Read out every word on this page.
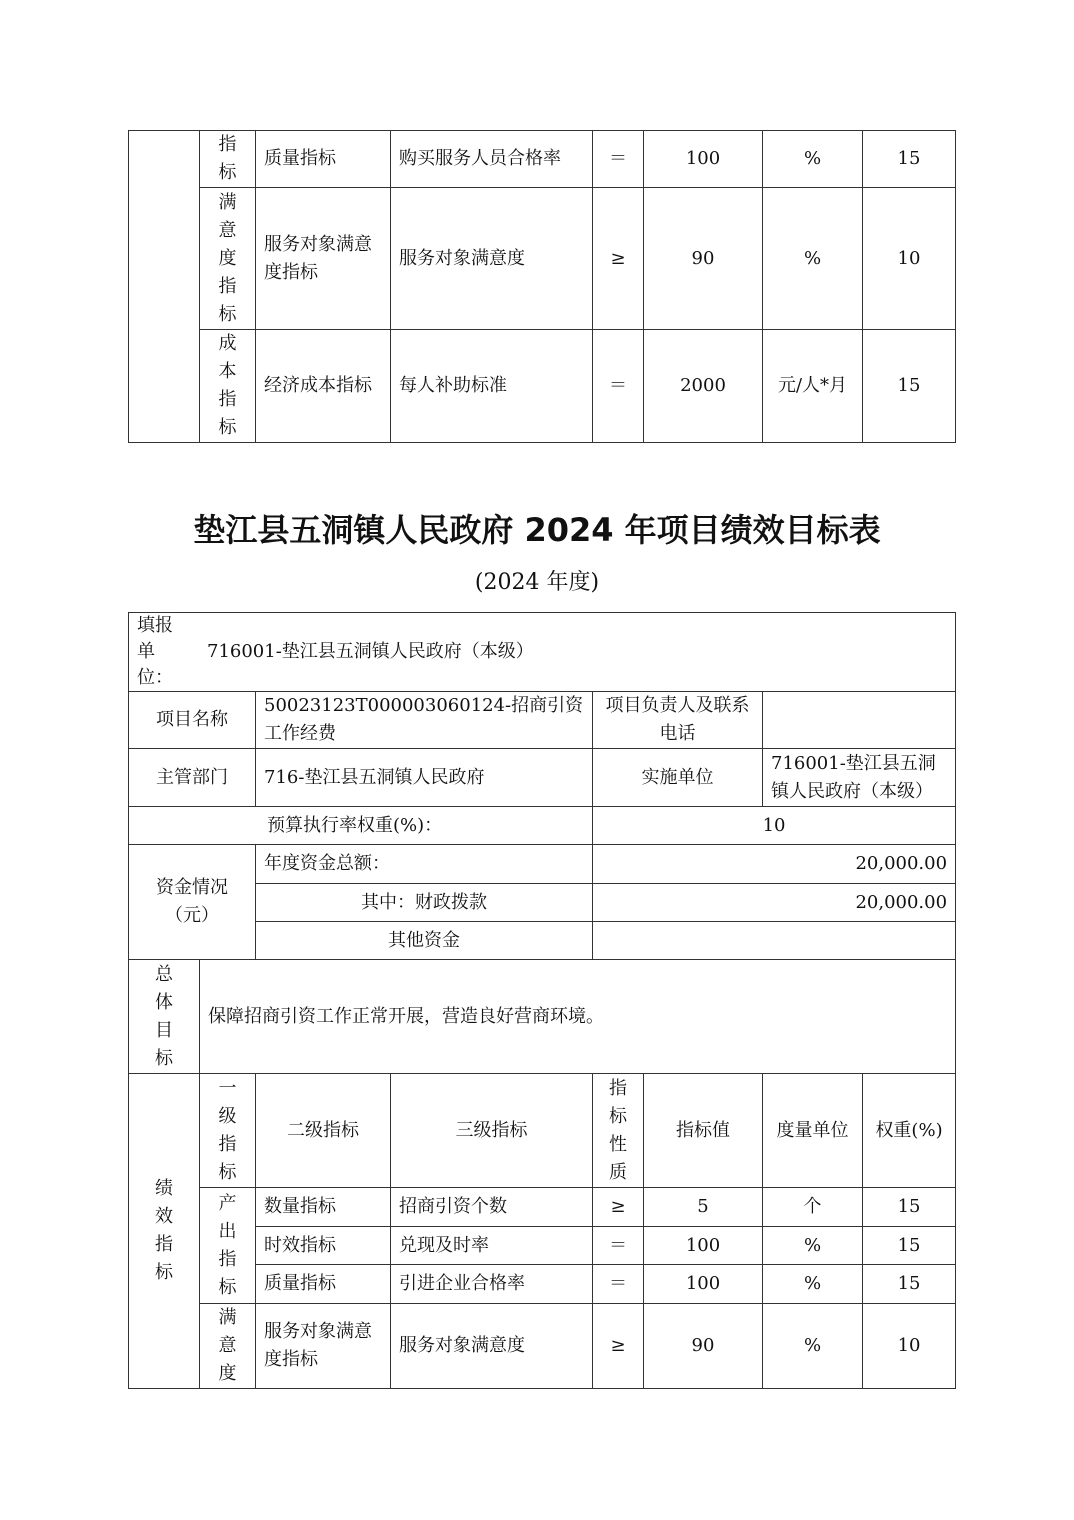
	指标	质量指标	购买服务人员合格率	＝	100	%	15

	满意度指标	服务对象满意度指标	服务对象满意度	≥	90	%	10

	成本指标	经济成本指标	每人补助标准	＝	2000	元/人*月	15
垫江县五洞镇人民政府 2024 年项目绩效目标表
(2024 年度)
填报单位：
716001-垫江县五洞镇人民政府（本级）							

项目名称		50023123T000003060124-招商引资工作经费		项目负责人及联系电话			
主管部门		716-垫江县五洞镇人民政府		实施单位		716001-垫江县五洞镇人民政府（本级）	
预算执行率权重(%)：				10			

资金情况（元）		年度资金总额：		20,000.00			
		其中：财政拨款		20,000.00			
		其他资金					

总体目标	保障招商引资工作正常开展，营造良好营商环境。						

绩效指标	一级指标	二级指标	三级指标	指标性质	指标值	度量单位	权重(%)

	产出指标	数量指标	招商引资个数	≥	5	个	15
		时效指标	兑现及时率	＝	100	%	15
		质量指标	引进企业合格率	＝	100	%	15

	满意度	服务对象满意度指标	服务对象满意度	≥	90	%	10
